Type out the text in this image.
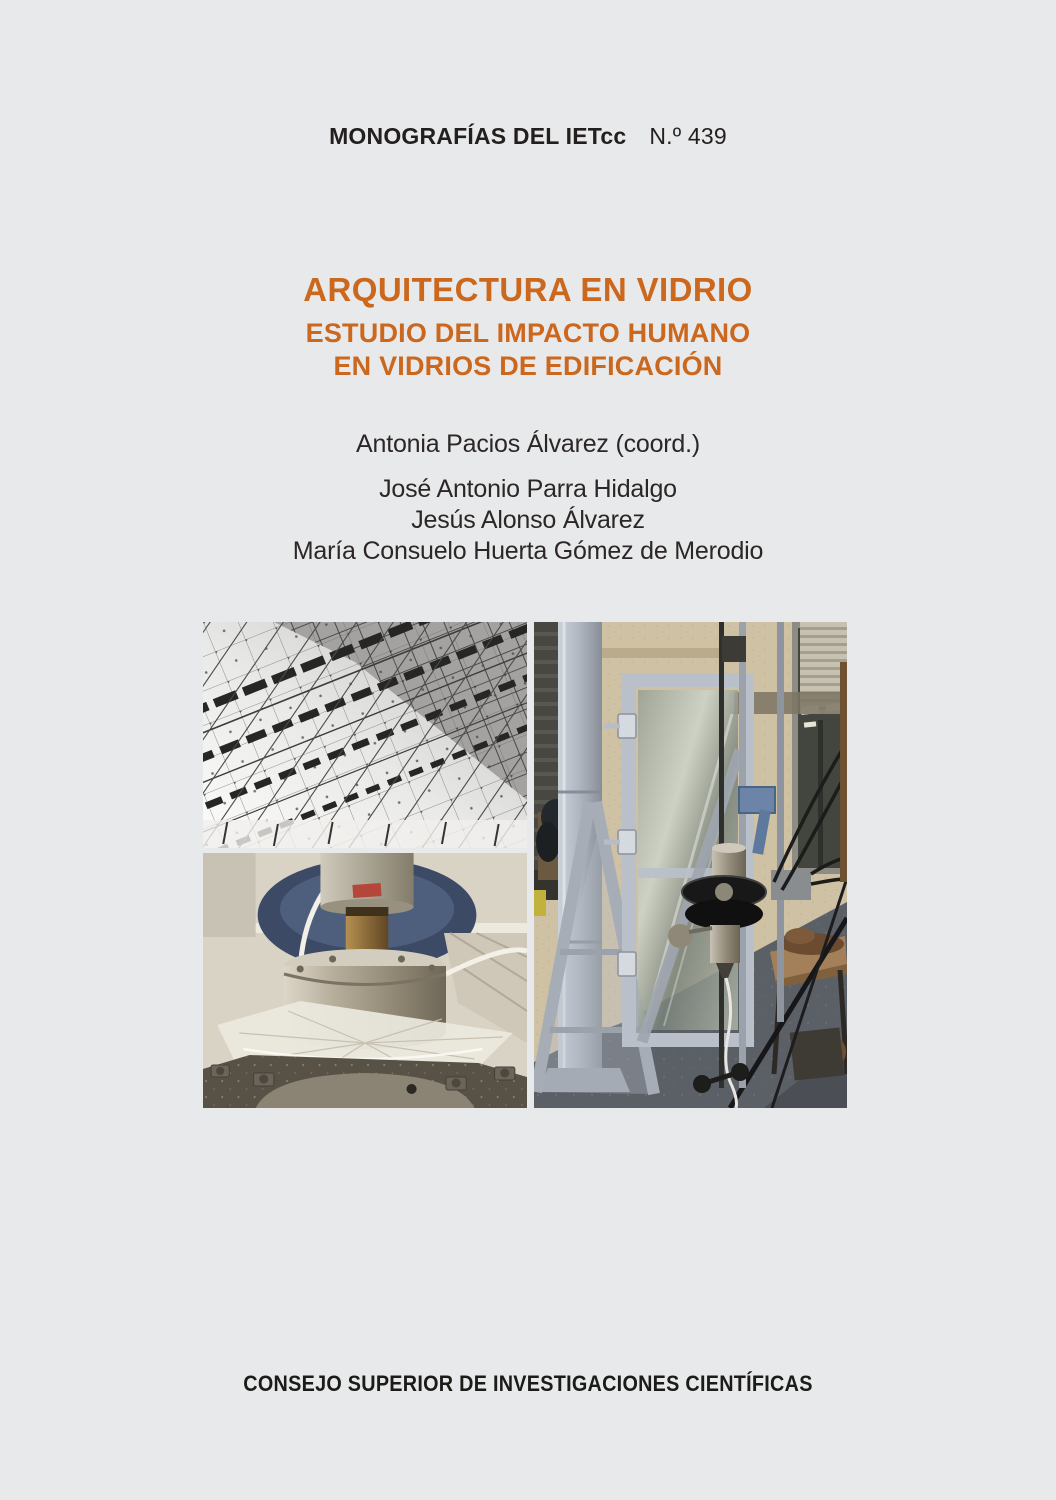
MONOGRAFÍAS DEL IETcc N.º 439
ARQUITECTURA EN VIDRIO
ESTUDIO DEL IMPACTO HUMANO
EN VIDRIOS DE EDIFICACIÓN
Antonia Pacios Álvarez (coord.)
José Antonio Parra Hidalgo
Jesús Alonso Álvarez
María Consuelo Huerta Gómez de Merodio
CONSEJO SUPERIOR DE INVESTIGACIONES CIENTÍFICAS
